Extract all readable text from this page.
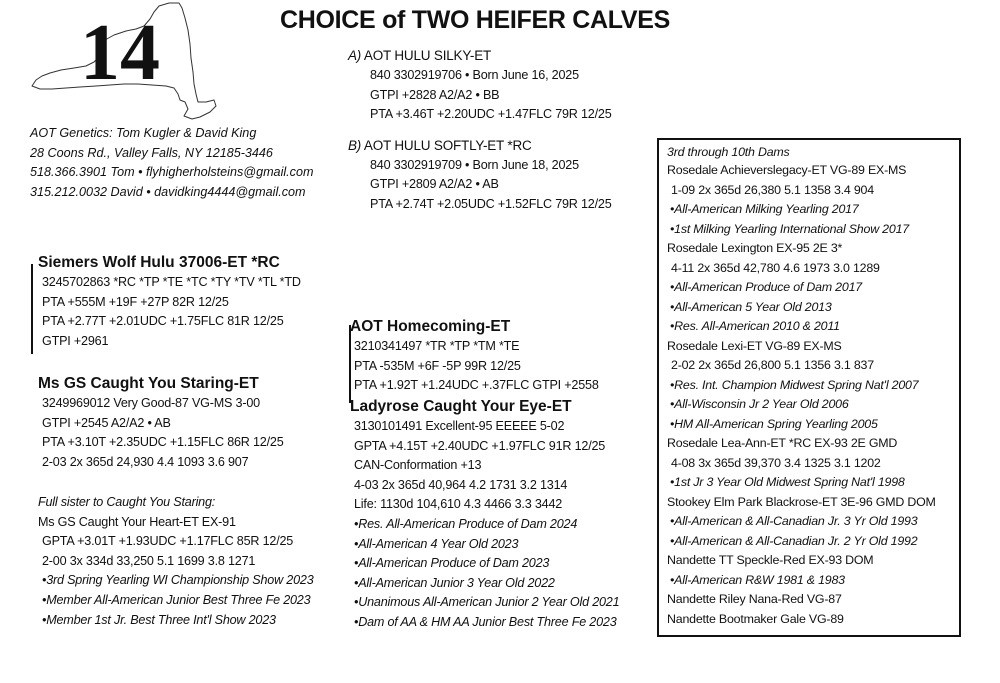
CHOICE of TWO HEIFER CALVES
14
AOT Genetics: Tom Kugler & David King
28 Coons Rd., Valley Falls, NY 12185-3446
518.366.3901 Tom • flyhigherholsteins@gmail.com
315.212.0032 David • davidking4444@gmail.com
A) AOT HULU SILKY-ET
840 3302919706 • Born June 16, 2025
GTPI +2828 A2/A2 • BB
PTA +3.46T +2.20UDC +1.47FLC 79R 12/25
B) AOT HULU SOFTLY-ET *RC
840 3302919709 • Born June 18, 2025
GTPI +2809 A2/A2 • AB
PTA +2.74T +2.05UDC +1.52FLC 79R 12/25
Siemers Wolf Hulu 37006-ET *RC
3245702863 *RC *TP *TE *TC *TY *TV *TL *TD
PTA +555M +19F +27P 82R 12/25
PTA +2.77T +2.01UDC +1.75FLC 81R 12/25
GTPI +2961
Ms GS Caught You Staring-ET
3249969012 Very Good-87 VG-MS 3-00
GTPI +2545 A2/A2 • AB
PTA +3.10T +2.35UDC +1.15FLC 86R 12/25
2-03 2x 365d 24,930 4.4 1093 3.6 907
Full sister to Caught You Staring:
Ms GS Caught Your Heart-ET EX-91
GPTA +3.01T +1.93UDC +1.17FLC 85R 12/25
2-00 3x 334d 33,250 5.1 1699 3.8 1271
•3rd Spring Yearling WI Championship Show 2023
•Member All-American Junior Best Three Fe 2023
•Member 1st Jr. Best Three Int'l Show 2023
AOT Homecoming-ET
3210341497 *TR *TP *TM *TE
PTA -535M +6F -5P 99R 12/25
PTA +1.92T +1.24UDC +.37FLC GTPI +2558
Ladyrose Caught Your Eye-ET
3130101491 Excellent-95 EEEEE 5-02
GPTA +4.15T +2.40UDC +1.97FLC 91R 12/25
CAN-Conformation +13
4-03 2x 365d 40,964 4.2 1731 3.2 1314
Life: 1130d 104,610 4.3 4466 3.3 3442
•Res. All-American Produce of Dam 2024
•All-American 4 Year Old 2023
•All-American Produce of Dam 2023
•All-American Junior 3 Year Old 2022
•Unanimous All-American Junior 2 Year Old 2021
•Dam of AA & HM AA Junior Best Three Fe 2023
3rd through 10th Dams
Rosedale Achieverslegacy-ET VG-89 EX-MS
1-09 2x 365d 26,380 5.1 1358 3.4 904
•All-American Milking Yearling 2017
•1st Milking Yearling International Show 2017
Rosedale Lexington EX-95 2E 3*
4-11 2x 365d 42,780 4.6 1973 3.0 1289
•All-American Produce of Dam 2017
•All-American 5 Year Old 2013
•Res. All-American 2010 & 2011
Rosedale Lexi-ET VG-89 EX-MS
2-02 2x 365d 26,800 5.1 1356 3.1 837
•Res. Int. Champion Midwest Spring Nat'l 2007
•All-Wisconsin Jr 2 Year Old 2006
•HM All-American Spring Yearling 2005
Rosedale Lea-Ann-ET *RC EX-93 2E GMD
4-08 3x 365d 39,370 3.4 1325 3.1 1202
•1st Jr 3 Year Old Midwest Spring Nat'l 1998
Stookey Elm Park Blackrose-ET 3E-96 GMD DOM
•All-American & All-Canadian Jr. 3 Yr Old 1993
•All-American & All-Canadian Jr. 2 Yr Old 1992
Nandette TT Speckle-Red EX-93 DOM
•All-American R&W 1981 & 1983
Nandette Riley Nana-Red VG-87
Nandette Bootmaker Gale VG-89
